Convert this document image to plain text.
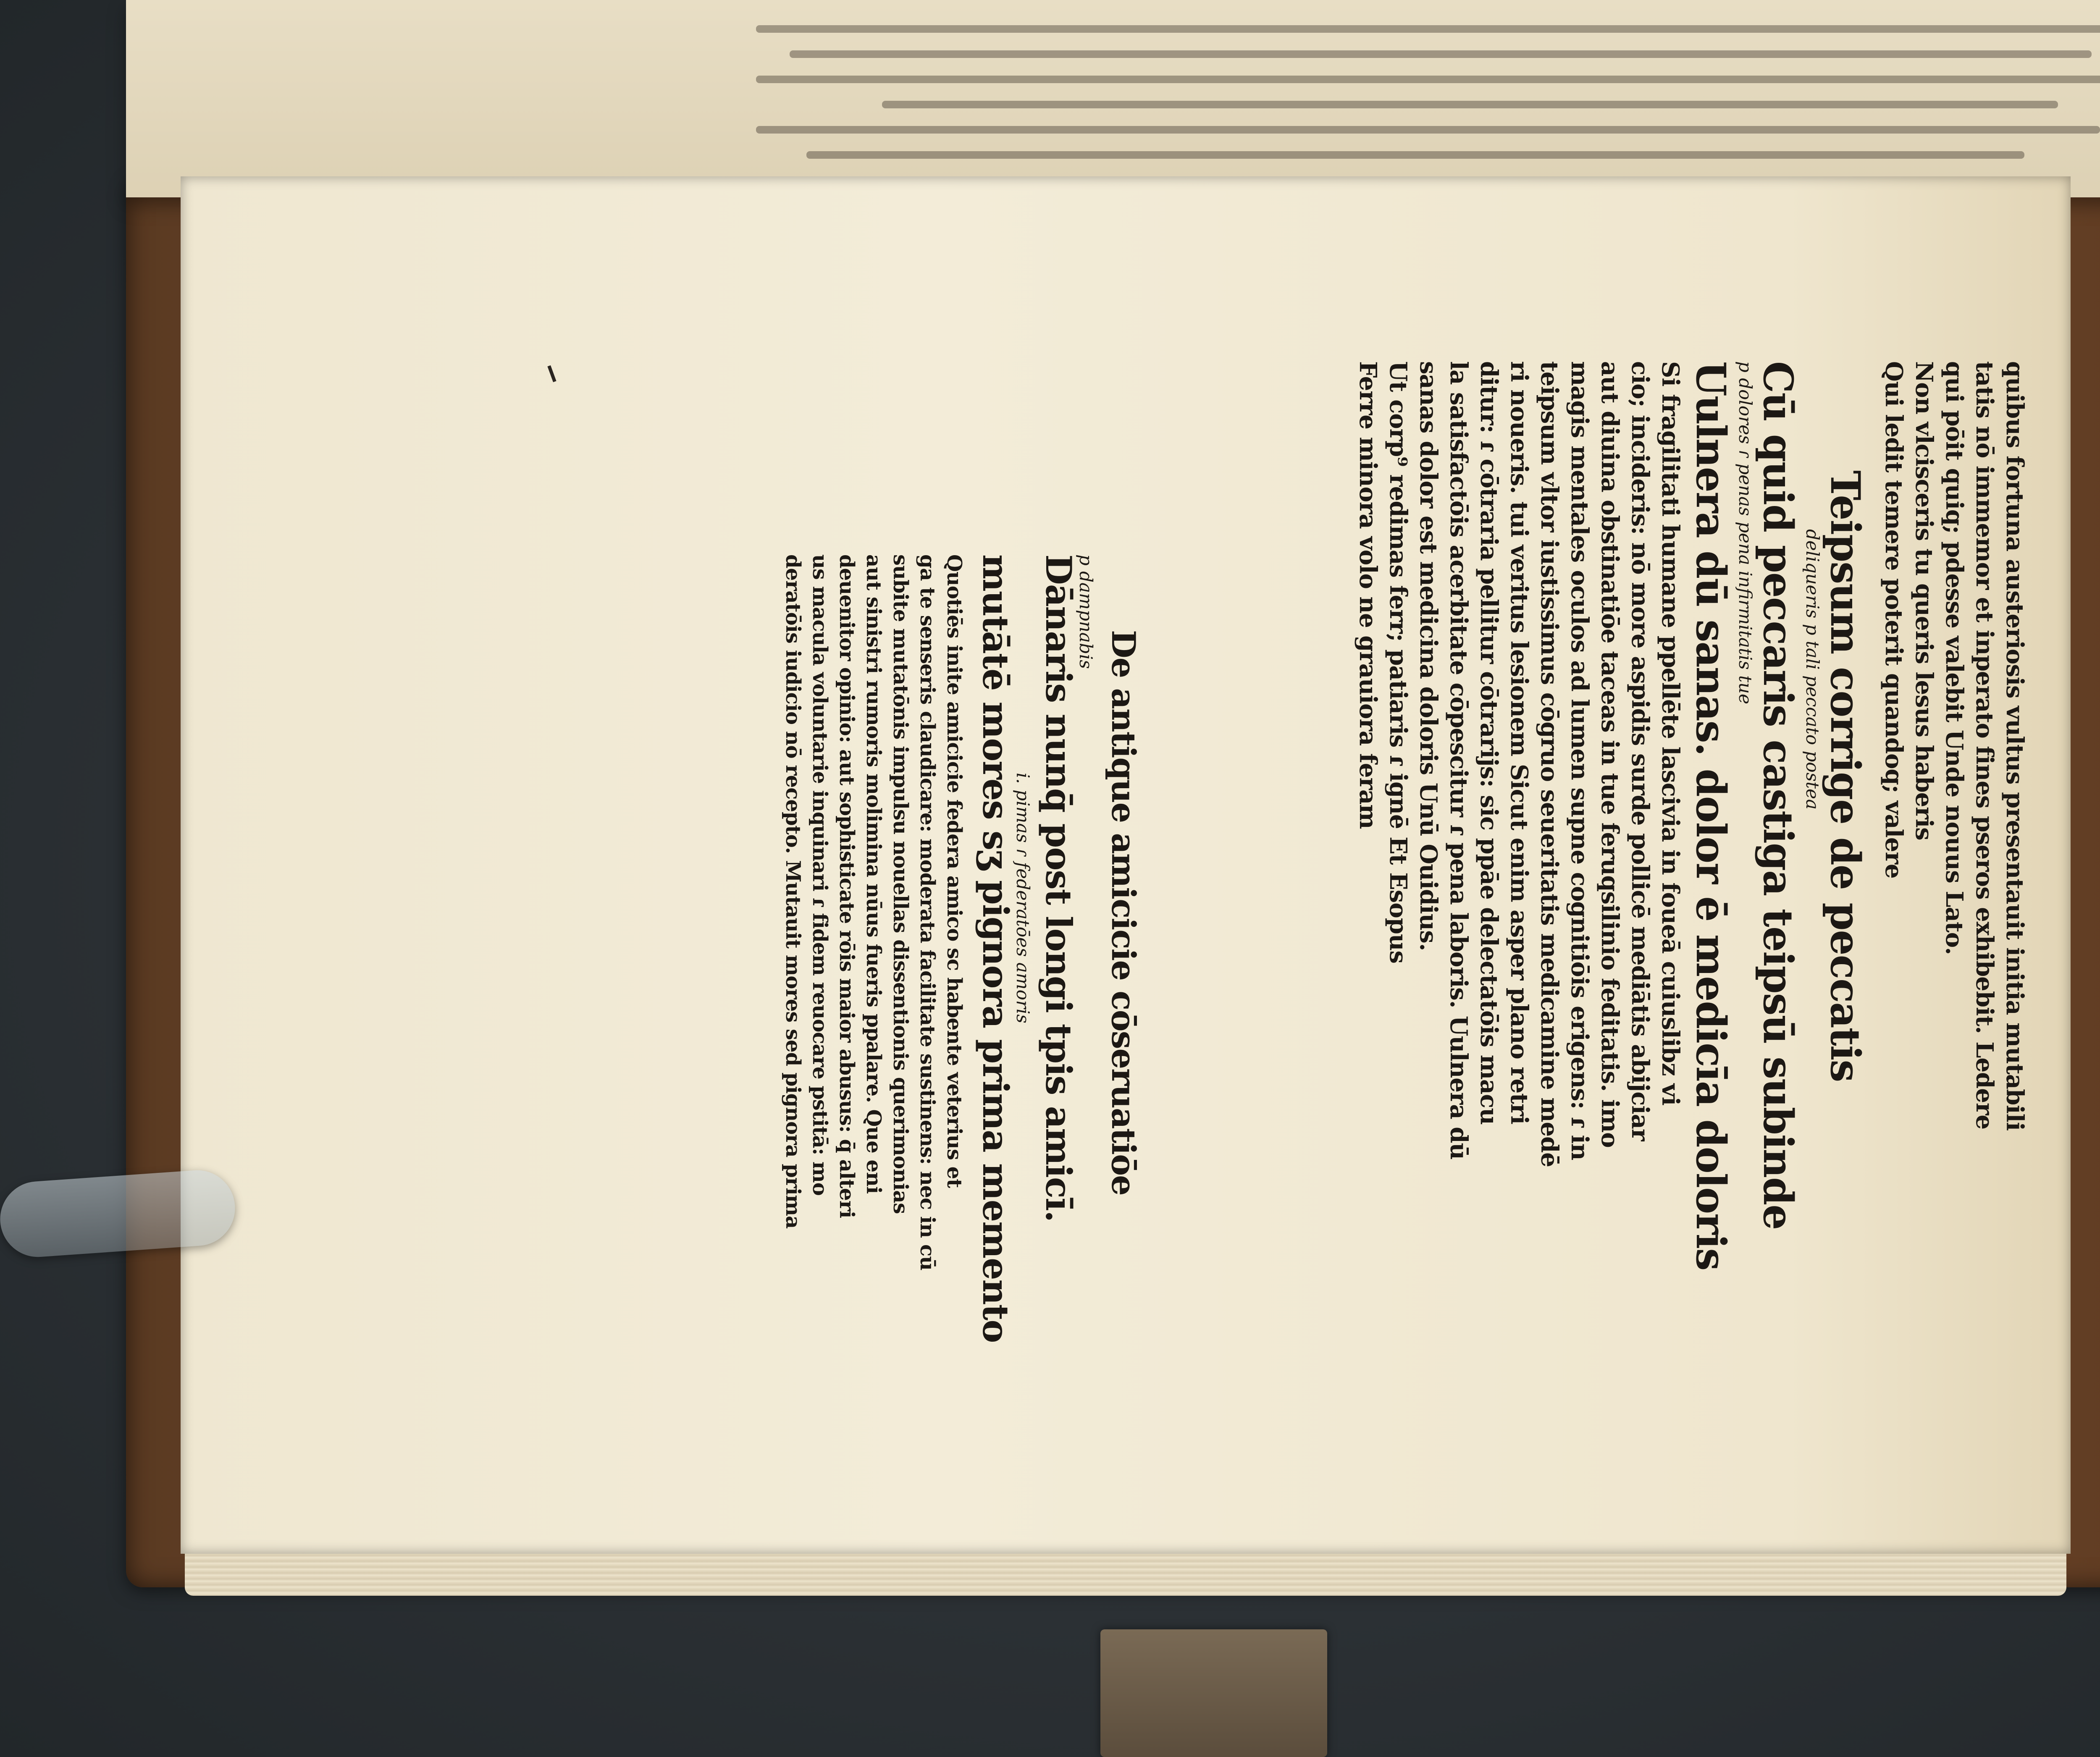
quibus fortuna austeriosis vultus presentauit initia mutabili
tatis nō immemor et inperato fines pseros exhibebit. Ledere
qui pōit quiq; pdesse valebit Unde nouus Lato.
Non vlcisceris tu queris lesus haberis
Qui ledit temere poterit quandoq; valere
Teipsum corrige de peccatis
deliqueris p tali peccato postea
Cū quid peccaris castiga teipsū subinde
p dolores ɾ penas pena infirmitatis tue
Uulnera dū sanas. dolor ē medicīa doloris
Si fragilitati humane ppellēte lascivia in foueā cuiuslibz vi
cio; incideris: nō more aspidis surde pollicē mediātis abijciar
aut diuina obstinatiōe taceas in tue feruqsilinio feditatis. imo
magis mentales oculos ad lumen supne cognitiōis erigens: ɾ in
teipsum vltor iustissimus cōgruo seueritatis medicamine medē
ri noueris. tui veritus lesionem Sicut enim asper plano retri
ditur: ɾ cōtraria pellitur cōtrarijs: sic ppāe delectatōis macu
la satisfactōis acerbitate cōpescitur ɾ pena laboris. Uulnera dū
sanas dolor est medicina doloris Unū Ouidius.
Ut corp⁹ redimas ferr; patiaris ɾ ignē Et Esopus
Ferre minora volo ne grauiora feram
De antique amicicie cōseruatiōe
p dampnabis
Dānaris nunq̄ post longi tpis amicī.
i. pimas ɾ federatōes amoris
mutātē mores sʒ pignora prima memento
Quotiēs inite amicicie federa amico sc habente veterius et
ga te senseris claudicare: moderata facilitate sustinens: nec in cū
subite mutatōnis impulsu nouellas dissentionis querimonias
aut sinistri rumoris molimina nūus fueris ppalare. Que eni
deuenitor opinio: aut sophisticate rōis maior abusus: q̄ alteri
us macula voluntarie inquinari ɾ fidem reuocare pstitā: mo
deratōis iudicio nō recepto. Mutauit mores sed pignora prima
